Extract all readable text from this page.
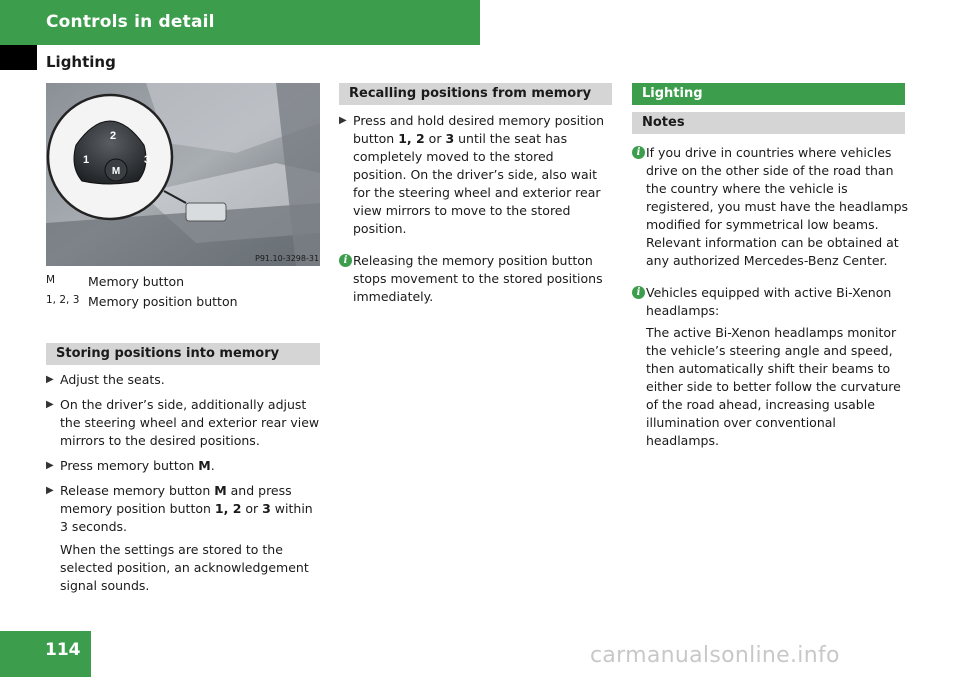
Controls in detail
Lighting
2
1	3
M
P91.10-3298-31
M	Memory button
1, 2, 3 Memory position button
Storing positions into memory
▶ Adjust the seats.
▶ On the driver’s side, additionally adjust the steering wheel and exterior rear view mirrors to the desired positions.
▶ Press memory button M.
▶ Release memory button M and press memory position button 1, 2 or 3 within 3 seconds.
When the settings are stored to the selected position, an acknowledgement signal sounds.
Recalling positions from memory
▶ Press and hold desired memory position button 1, 2 or 3 until the seat has completely moved to the stored position. On the driver’s side, also wait for the steering wheel and exterior rear view mirrors to move to the stored position.
i Releasing the memory position button stops movement to the stored positions immediately.

Lighting
Notes
i If you drive in countries where vehicles drive on the other side of the road than the country where the vehicle is registered, you must have the headlamps modified for symmetrical low beams. Relevant information can be obtained at any authorized Mercedes-Benz Center.

i Vehicles equipped with active Bi-Xenon headlamps:

The active Bi-Xenon headlamps monitor the vehicle’s steering angle and speed, then automatically shift their beams to either side to better follow the curvature of the road ahead, increasing usable illumination over conventional headlamps.

114	carmanualsonline.info
